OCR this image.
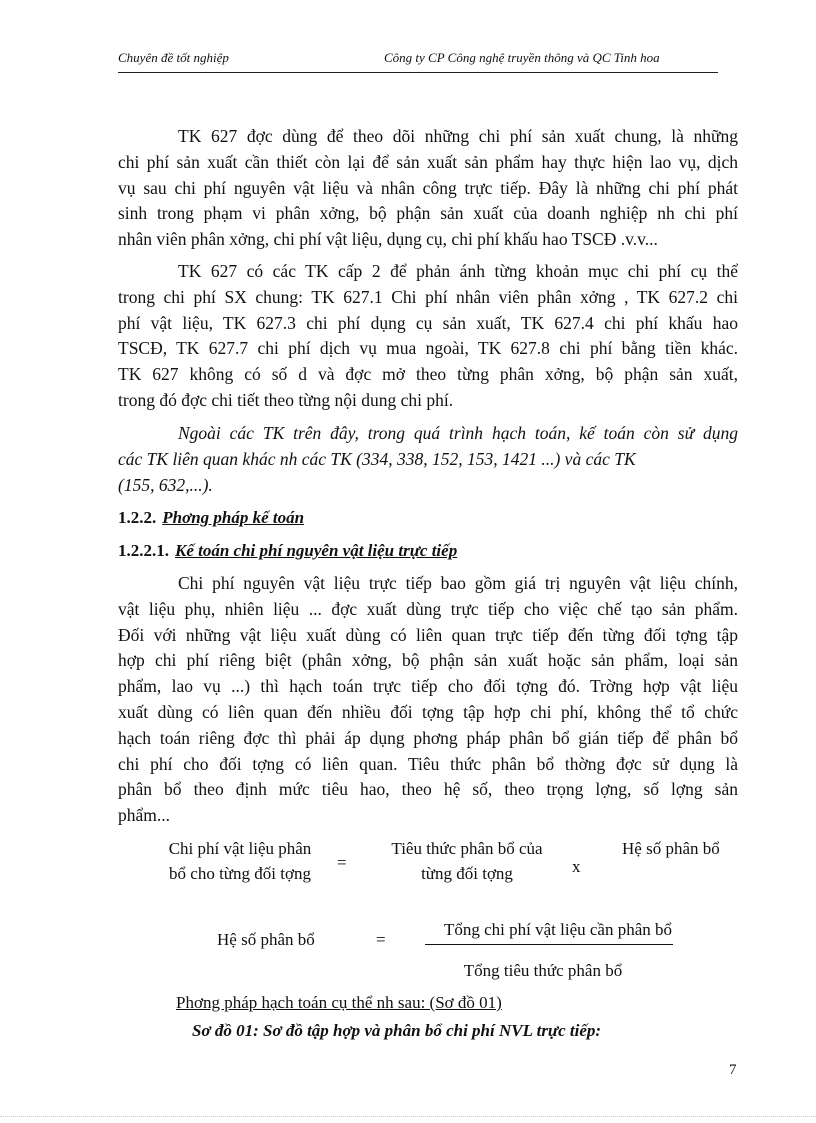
Chuyên đề tốt nghiệp	Công ty CP Công nghệ truyền thông và QC Tinh hoa
TK 627 đợc dùng để theo dõi những chi phí sản xuất chung, là những
chi phí sản xuất cần thiết còn lại để sản xuất sản phẩm hay thực hiện lao vụ, dịch
vụ sau chi phí nguyên vật liệu và nhân công trực tiếp. Đây là những chi phí phát
sinh trong phạm vi phân xởng, bộ phận sản xuất của doanh nghiệp nh chi phí
nhân viên phân xởng, chi phí vật liệu, dụng cụ, chi phí khấu hao TSCĐ .v.v...
TK 627 có các TK cấp 2 để phản ánh từng khoản mục chi phí cụ thể
trong chi phí SX chung: TK 627.1 Chi phí nhân viên phân xởng , TK 627.2 chi
phí vật liệu, TK 627.3 chi phí dụng cụ sản xuất, TK 627.4 chi phí khấu hao
TSCĐ, TK 627.7 chi phí dịch vụ mua ngoài, TK 627.8 chi phí bằng tiền khác.
TK 627 không có số d và đợc mở theo từng phân xởng, bộ phận sản xuất,
trong đó đợc chi tiết theo từng nội dung chi phí.
Ngoài các TK trên đây, trong quá trình hạch toán, kế toán còn sử dụng
các TK liên quan khác nh các TK (334, 338, 152, 153, 1421 ...) và các TK
(155, 632,...).
1.2.2. Phơng pháp kế toán
1.2.2.1. Kế toán chi phí nguyên vật liệu trực tiếp
Chi phí nguyên vật liệu trực tiếp bao gồm giá trị nguyên vật liệu chính,
vật liệu phụ, nhiên liệu ... đợc xuất dùng trực tiếp cho việc chế tạo sản phẩm.
Đối với những vật liệu xuất dùng có liên quan trực tiếp đến từng đối tợng tập
hợp chi phí riêng biệt (phân xởng, bộ phận sản xuất hoặc sản phẩm, loại sản
phẩm, lao vụ ...) thì hạch toán trực tiếp cho đối tợng đó. Trờng hợp vật liệu
xuất dùng có liên quan đến nhiều đối tợng tập hợp chi phí, không thể tổ chức
hạch toán riêng đợc thì phải áp dụng phơng pháp phân bổ gián tiếp để phân bổ
chi phí cho đối tợng có liên quan. Tiêu thức phân bổ thờng đợc sử dụng là
phân bổ theo định mức tiêu hao, theo hệ số, theo trọng lợng, số lợng sản
phẩm...
Chi phí vật liệu phân
bổ cho từng đối tợng
=
Tiêu thức phân bổ của
từng đối tợng	x
Hệ số phân bổ
Hệ số phân bổ	=
Tổng chi phí vật liệu cần phân bổ
Tổng tiêu thức phân bổ
Phơng pháp hạch toán cụ thể nh sau: (Sơ đồ 01)
Sơ đồ 01: Sơ đồ tập hợp và phân bổ chi phí NVL trực tiếp:
7
